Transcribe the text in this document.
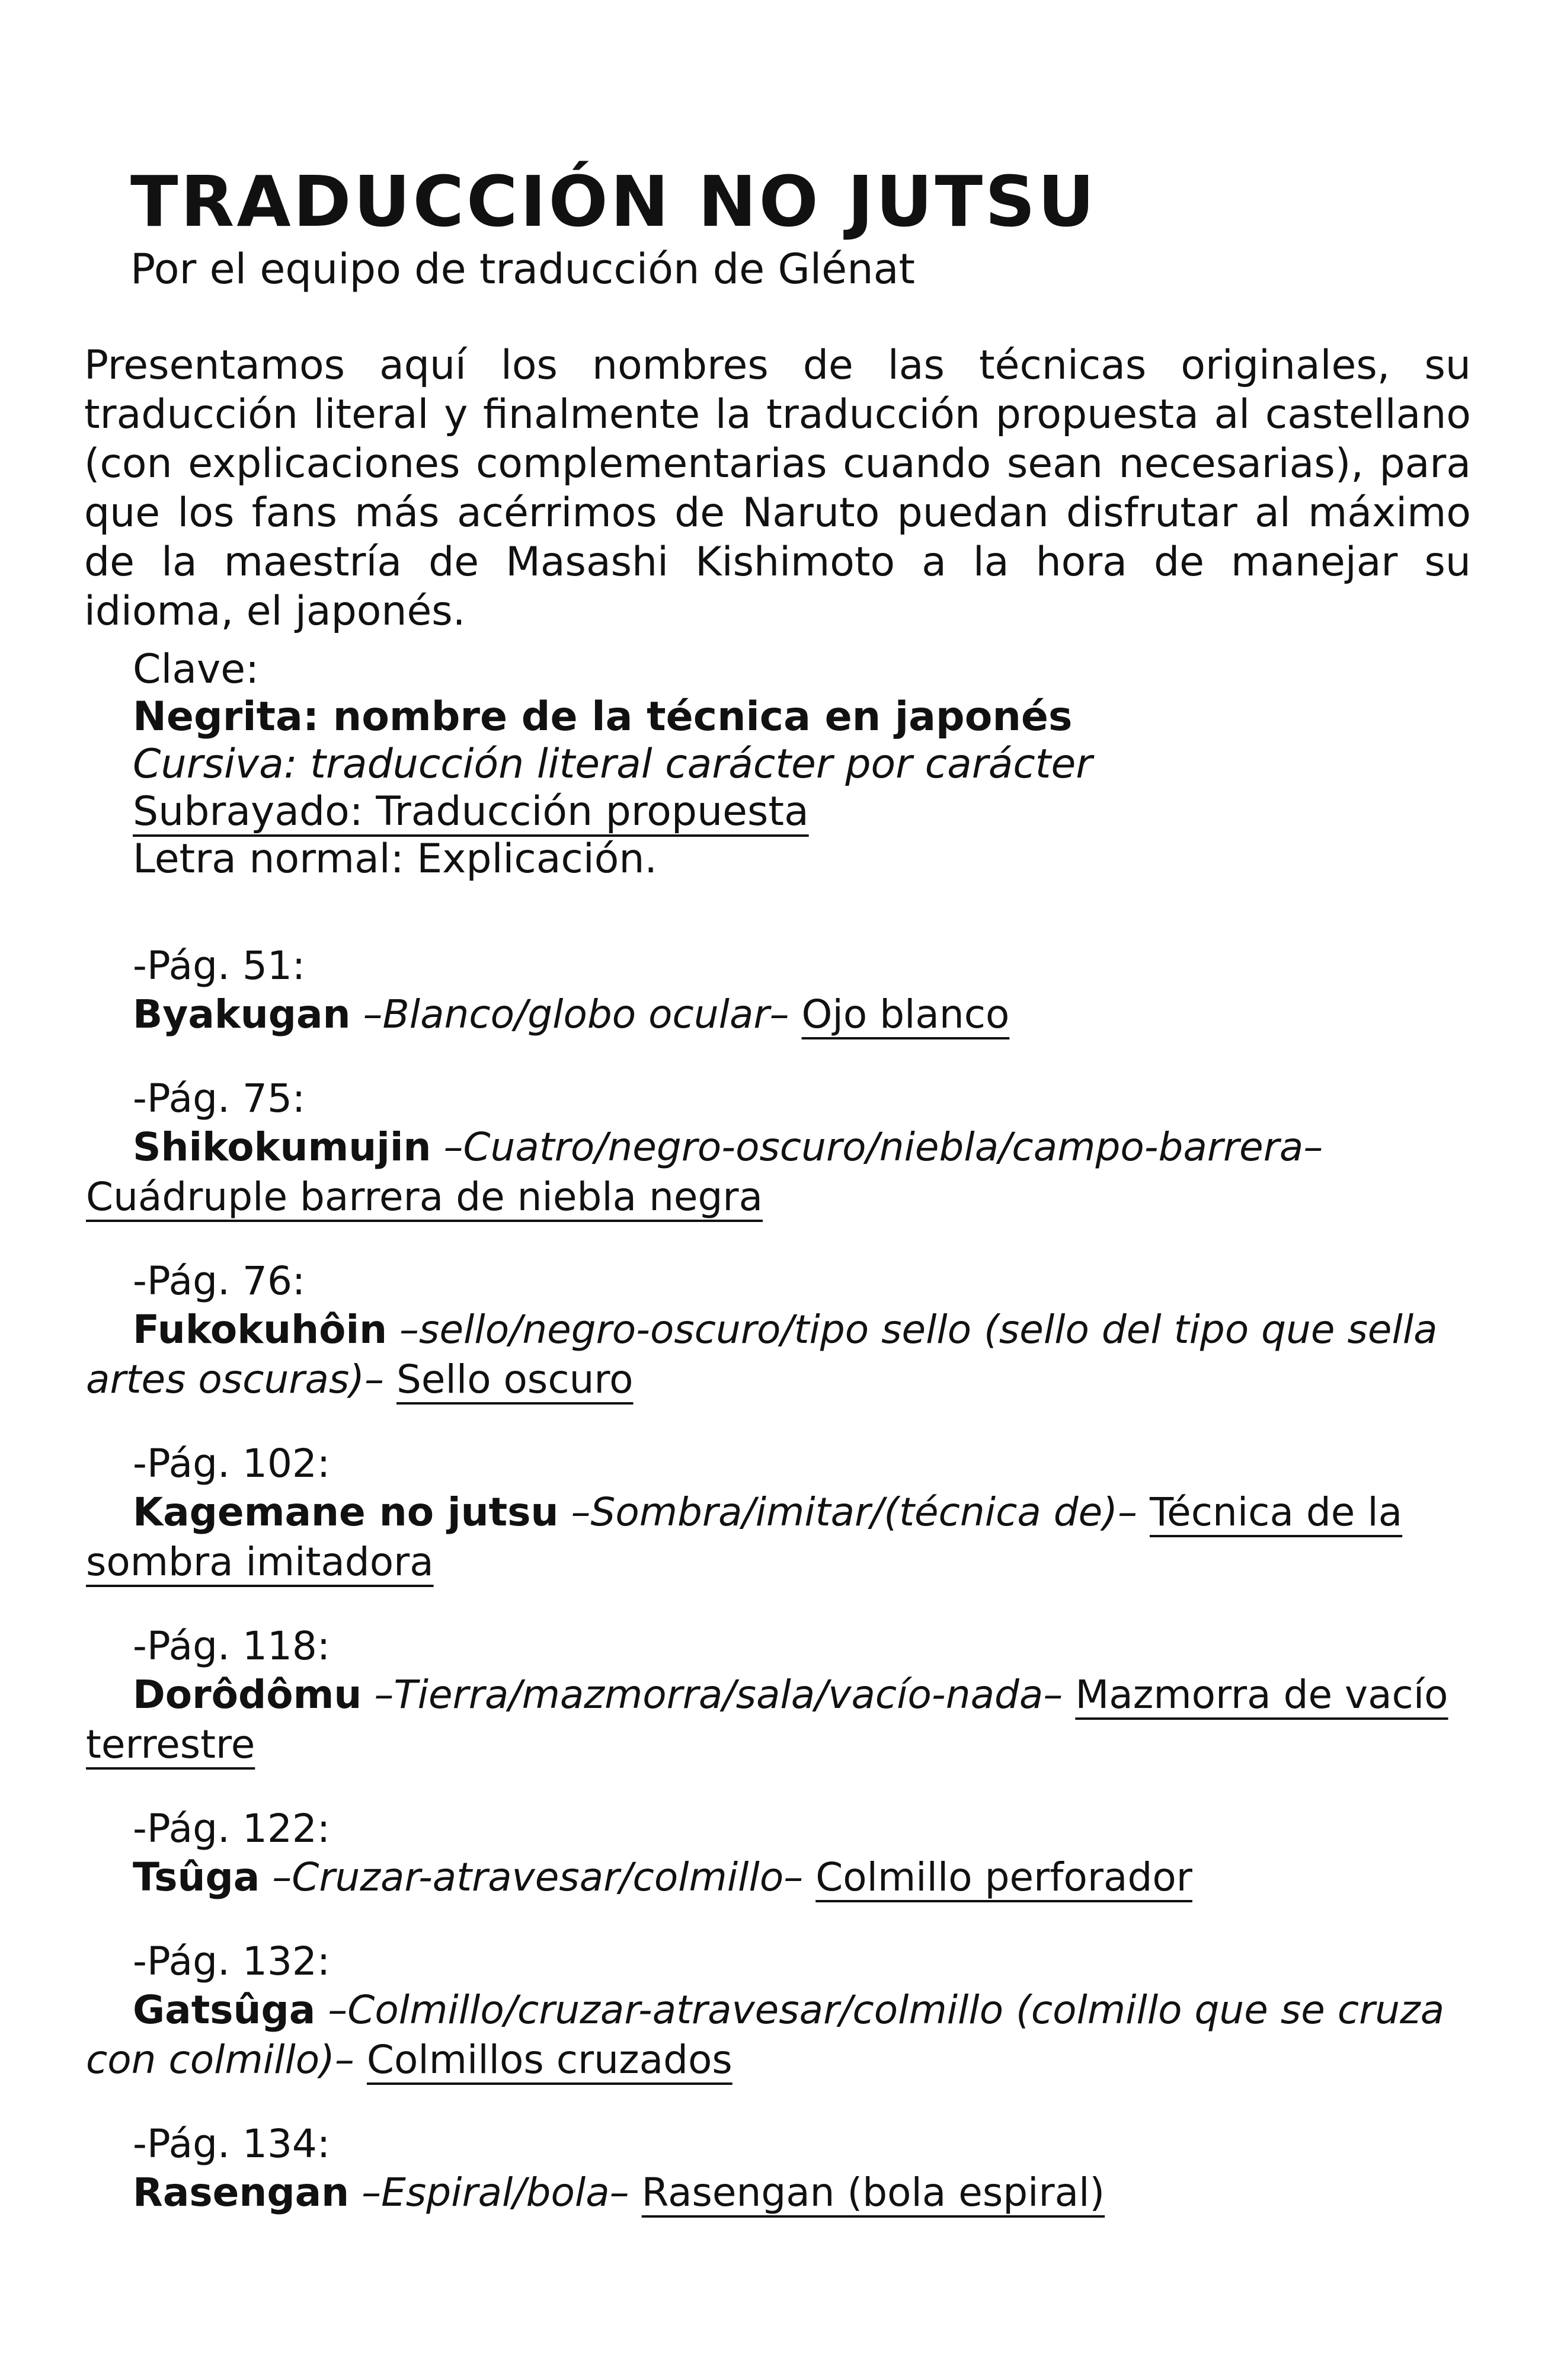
TRADUCCIÓN NO JUTSU

Por el equipo de traducción de Glénat

Presentamos aquí los nombres de las técnicas originales, su traducción literal y finalmente la traducción propuesta al castellano (con explicaciones complementarias cuando sean necesarias), para que los fans más acérrimos de Naruto puedan disfrutar al máximo de la maestría de Masashi Kishimoto a la hora de manejar su idioma, el japonés.

Clave:
Negrita: nombre de la técnica en japonés
Cursiva: traducción literal carácter por carácter
Subrayado: Traducción propuesta
Letra normal: Explicación.
-Pág. 51:

Byakugan –Blanco/globo ocular– Ojo blanco

-Pág. 75:

Shikokumujin –Cuatro/negro-oscuro/niebla/campo-barrera– Cuádruple barrera de niebla negra

-Pág. 76:

Fukokuhôin –sello/negro-oscuro/tipo sello (sello del tipo que sella artes oscuras)– Sello oscuro

-Pág. 102:

Kagemane no jutsu –Sombra/imitar/(técnica de)– Técnica de la sombra imitadora

-Pág. 118:

Dorôdômu –Tierra/mazmorra/sala/vacío-nada– Mazmorra de vacío terrestre

-Pág. 122:

Tsûga –Cruzar-atravesar/colmillo– Colmillo perforador

-Pág. 132:

Gatsûga –Colmillo/cruzar-atravesar/colmillo (colmillo que se cruza con colmillo)– Colmillos cruzados

-Pág. 134:

Rasengan –Espiral/bola– Rasengan (bola espiral)
